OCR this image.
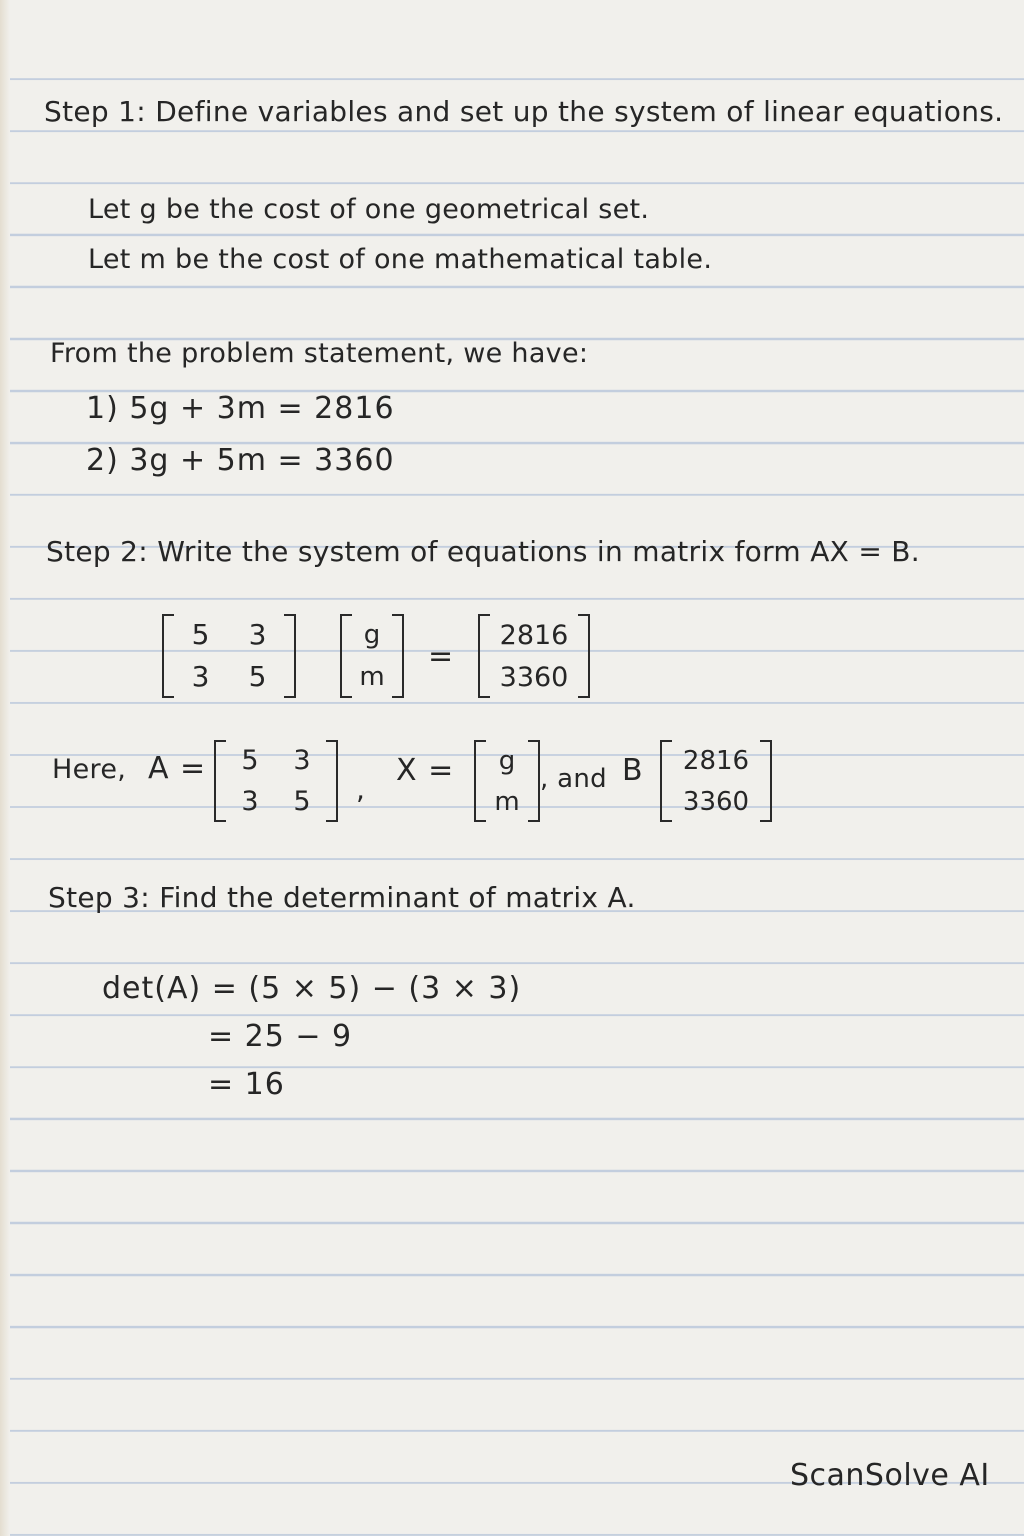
Step 1: Define variables and set up the system of linear equations.
Let g be the cost of one geometrical set.
Let m be the cost of one mathematical table.
From the problem statement, we have:
1) 5g + 3m = 2816
2) 3g + 5m = 3360
Step 2: Write the system of equations in matrix form AX = B.
5 3
3 5
g
m
=
2816
3360
Here, A = 5 3
3 5 ,
X = g
m
, and B 2816
3360
Step 3: Find the determinant of matrix A.
det(A) = (5 × 5) − (3 × 3)
= 25 − 9
= 16
ScanSolve AI
